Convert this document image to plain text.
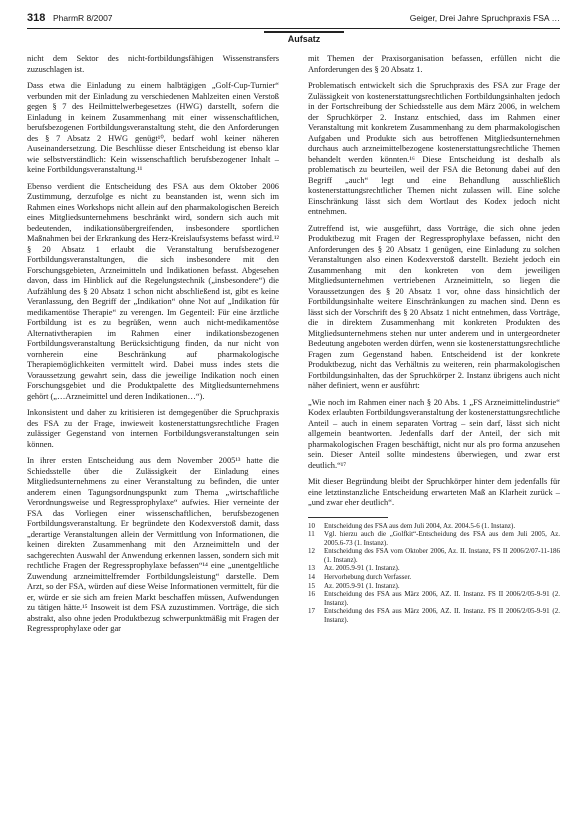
318 PharmR 8/2007	Geiger, Drei Jahre Spruchpraxis FSA …
Aufsatz

nicht dem Sektor des nicht-fortbildungsfähigen Wissenstransfers zuzuschlagen ist.

Dass etwa die Einladung zu einem halbtägigen „Golf-Cup-Turnier“ verbunden mit der Einladung zu verschiedenen Mahlzeiten einen Verstoß gegen § 7 des Heilmittelwerbegesetzes (HWG) darstellt, sofern die Einladung in keinem Zusammenhang mit einer wissenschaftlichen, berufsbezogenen Fortbildungsveranstaltung steht, die den Anforderungen des § 7 Absatz 2 HWG genügt¹⁰, bedarf wohl keiner näheren Auseinandersetzung. Die Beschlüsse dieser Entscheidung ist ebenso klar wie selbstverständlich: Kein wissenschaftlich berufsbezogener Inhalt – keine Fortbildungsveranstaltung.¹¹

Ebenso verdient die Entscheidung des FSA aus dem Oktober 2006 Zustimmung, derzufolge es nicht zu beanstanden ist, wenn sich im Rahmen eines Workshops nicht allein auf den pharmakologischen Bereich eines Mitgliedsunternehmens beschränkt wird, sondern sich auch mit bedeutenden, indikationsübergreifenden, insbesondere sportlichen Maßnahmen bei der Erkrankung des Herz-Kreislaufsystems befasst wird.¹² § 20 Absatz 1 erlaubt die Veranstaltung berufsbezogener Fortbildungsveranstaltungen, die sich insbesondere mit den Forschungsgebieten, Arzneimitteln und Indikationen befasst. Abgesehen davon, dass im Hinblick auf die Regelungstechnik („insbesondere“) die Aufzählung des § 20 Absatz 1 schon nicht abschließend ist, gibt es keine Veranlassung, den Begriff der „Indikation“ ohne Not auf „Indikation für medikamentöse Therapie“ zu verengen. Im Gegenteil: Für eine ärztliche Fortbildung ist es zu begrüßen, wenn auch nicht-medikamentöse Alternativtherapien im Rahmen einer indikationsbezogenen Fortbildungsveranstaltung Berücksichtigung finden, da nur nicht von vornherein eine Beschränkung auf pharmakologische Therapiemöglichkeiten vermittelt wird. Dabei muss indes stets die Voraussetzung gewahrt sein, dass die jeweilige Indikation noch einen Forschungsgebiet und die Produktpalette des Mitgliedsunternehmens gehört („…Arzneimittel und deren Indikationen…“).

Inkonsistent und daher zu kritisieren ist demgegenüber die Spruchpraxis des FSA zu der Frage, inwieweit kostenerstattungsrechtliche Fragen zulässiger Gegenstand von internen Fortbildungsveranstaltungen sein können.

In ihrer ersten Entscheidung aus dem November 2005¹³ hatte die Schiedsstelle über die Zulässigkeit der Einladung eines Mitgliedsunternehmens zu einer Veranstaltung zu befinden, die unter anderem einen Tagungsordnungspunkt zum Thema „wirtschaftliche Verordnungsweise und Regressprophylaxe“ aufwies. Hier verneinte der FSA das Vorliegen einer wissenschaftlichen, berufsbezogenen Fortbildungsveranstaltung. Er begründete den Kodexverstoß damit, dass „derartige Veranstaltungen allein der Vermittlung von Informationen, die keinen direkten Zusammenhang mit den Arzneimitteln und der sachgerechten Auswahl der Anwendung erkennen lassen, sondern sich mit rechtliche Fragen der Regressprophylaxe befassen“¹⁴ eine „unentgeltliche Zuwendung arzneimittelfremder Fortbildungsleistung“ darstelle. Dem Arzt, so der FSA, würden auf diese Weise Informationen vermittelt, für die er, würde er sie sich am freien Markt beschaffen müssen, Aufwendungen zu tätigen hätte.¹⁵ Insoweit ist dem FSA zuzustimmen. Vorträge, die sich abstrakt, also ohne jeden Produktbezug schwerpunktmäßig mit Fragen der Regressprophylaxe oder gar

mit Themen der Praxisorganisation befassen, erfüllen nicht die Anforderungen des § 20 Absatz 1.

Problematisch entwickelt sich die Spruchpraxis des FSA zur Frage der Zulässigkeit von kostenerstattungsrechtlichen Fortbildungsinhalten jedoch in der Fortschreibung der Schiedsstelle aus dem März 2006, in welchem der Spruchkörper 2. Instanz entschied, dass im Rahmen einer Veranstaltung mit konkretem Zusammenhang zu dem pharmakologischen Aufgaben und Produkte sich aus betroffenen Mitgliedsunternehmen durchaus auch arzneimittelbezogene kostenerstattungsrechtliche Themen behandelt werden könnten.¹⁶ Diese Entscheidung ist deshalb als problematisch zu beurteilen, weil der FSA die Betonung dabei auf den Begriff „auch“ legt und eine Behandlung ausschließlich kostenerstattungsrechtlicher Themen nicht zulassen will. Eine solche Einschränkung lässt sich dem Wortlaut des Kodex jedoch nicht entnehmen.

Zutreffend ist, wie ausgeführt, dass Vorträge, die sich ohne jeden Produktbezug mit Fragen der Regressprophylaxe befassen, nicht den Anforderungen des § 20 Absatz 1 genügen, eine Einladung zu solchen Veranstaltungen also einen Kodexverstoß darstellt. Bezieht jedoch ein Zusammenhang mit den konkreten von dem jeweiligen Mitgliedsunternehmen vertriebenen Arzneimitteln, so liegen die Voraussetzungen des § 20 Absatz 1 vor, ohne dass hinsichtlich der Fortbildungsinhalte weitere Einschränkungen zu machen sind. Denn es lässt sich der Vorschrift des § 20 Absatz 1 nicht entnehmen, dass Vorträge, die in direktem Zusammenhang mit konkreten Produkten des Mitgliedsunternehmens stehen nur unter anderem und in untergeordneter Bedeutung angeboten werden dürfen, wenn sie kostenerstattungsrechtliche Fragen zum Gegenstand haben. Entscheidend ist der konkrete Produktbezug, nicht das Verhältnis zu weiteren, rein pharmakologischen Fortbildungsinhalten, das der Spruchkörper 2. Instanz übrigens auch nicht näher definiert, wenn er ausführt:

„Wie noch im Rahmen einer nach § 20 Abs. 1 „FS Arzneimittelindustrie“ Kodex erlaubten Fortbildungsveranstaltung der kostenerstattungsrechtliche Anteil – auch in einem separaten Vortrag – sein darf, lässt sich nicht allgemein beantworten. Jedenfalls darf der Anteil, der sich mit pharmakologischen Fragen beschäftigt, nicht nur als pro forma anzusehen sein. Dieser Anteil sollte mindestens überwiegen, und zwar erst deutlich.“¹⁷

Mit dieser Begründung bleibt der Spruchkörper hinter dem jedenfalls für eine letztinstanzliche Entscheidung erwarteten Maß an Klarheit zurück – „und zwar eher deutlich“.

10	Entscheidung des FSA aus dem Juli 2004, Az. 2004.5-6 (1. Instanz).
11	Vgl. hierzu auch die „Golfkit“-Entscheidung des FSA aus dem Juli 2005, Az. 2005.6-73 (1. Instanz).
12	Entscheidung des FSA vom Oktober 2006, Az. II. Instanz, FS II 2006/2/07-11-186 (1. Instanz).
13	Az. 2005.9-91 (1. Instanz).
14	Hervorhebung durch Verfasser.
15	Az. 2005.9-91 (1. Instanz).
16	Entscheidung des FSA aus März 2006, AZ. II. Instanz. FS II 2006/2/05-9-91 (2. Instanz).
17	Entscheidung des FSA aus März 2006, AZ. II. Instanz. FS II 2006/2/05-9-91 (2. Instanz).
